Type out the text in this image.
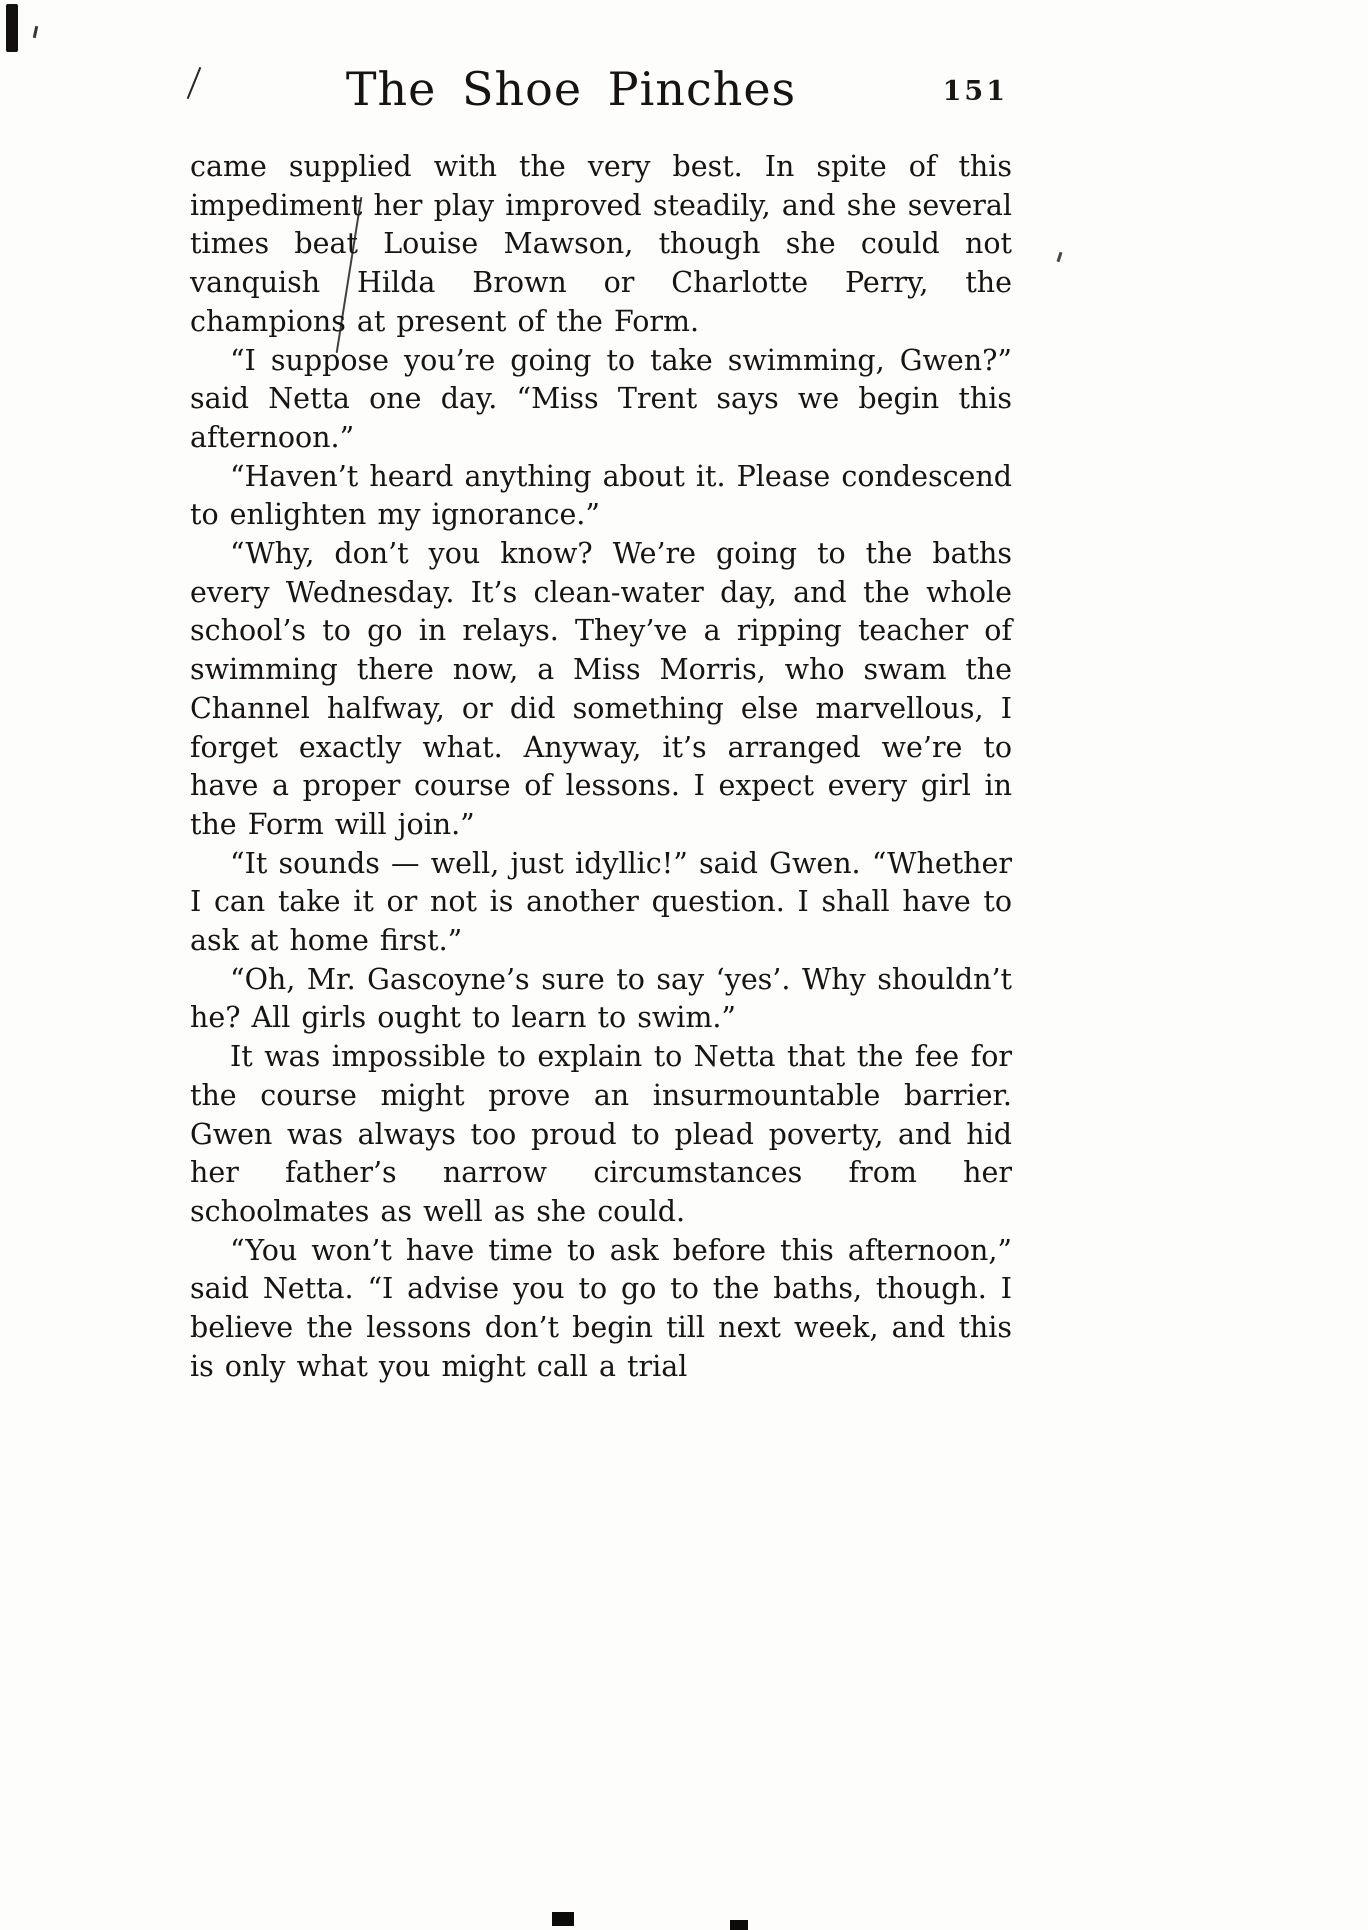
The Shoe Pinches	151

came supplied with the very best. In spite of this impediment her play improved steadily, and she several times beat Louise Mawson, though she could not vanquish Hilda Brown or Charlotte Perry, the champions at present of the Form.

“I suppose you’re going to take swimming, Gwen?” said Netta one day. “Miss Trent says we begin this afternoon.”

“Haven’t heard anything about it. Please condescend to enlighten my ignorance.”

“Why, don’t you know? We’re going to the baths every Wednesday. It’s clean-water day, and the whole school’s to go in relays. They’ve a ripping teacher of swimming there now, a Miss Morris, who swam the Channel halfway, or did something else marvellous, I forget exactly what. Anyway, it’s arranged we’re to have a proper course of lessons. I expect every girl in the Form will join.”

“It sounds — well, just idyllic!” said Gwen. “Whether I can take it or not is another question. I shall have to ask at home first.”

“Oh, Mr. Gascoyne’s sure to say ‘yes’. Why shouldn’t he? All girls ought to learn to swim.”

It was impossible to explain to Netta that the fee for the course might prove an insurmountable barrier. Gwen was always too proud to plead poverty, and hid her father’s narrow circumstances from her schoolmates as well as she could.

“You won’t have time to ask before this afternoon,” said Netta. “I advise you to go to the baths, though. I believe the lessons don’t begin till next week, and this is only what you might call a trial
